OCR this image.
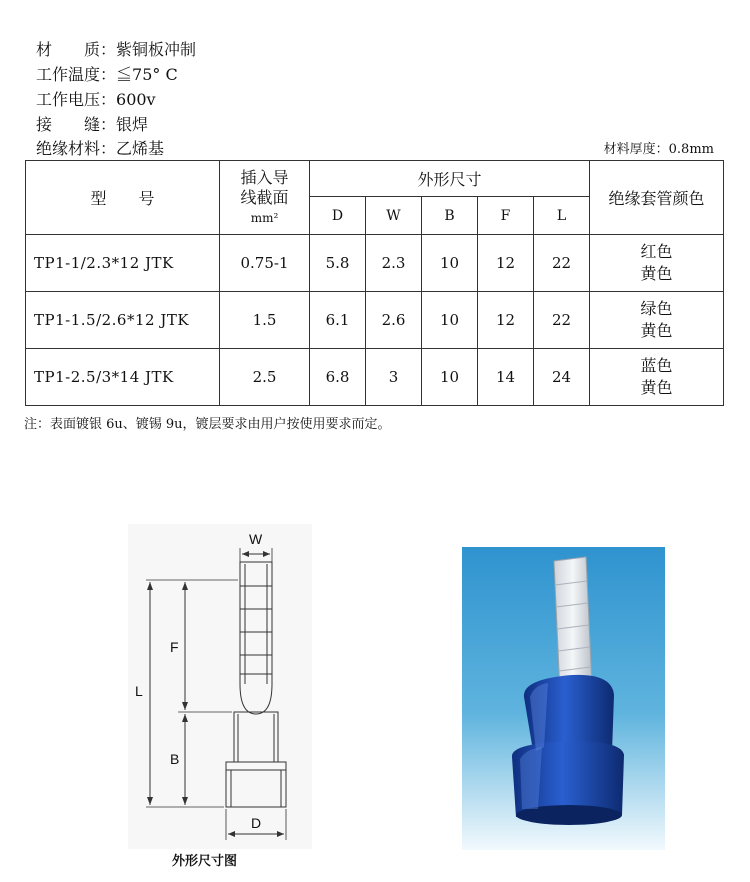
材　　质：紫铜板冲制
工作温度：≦75° C
工作电压：600v
接　　缝：银焊
绝缘材料：乙烯基	材料厚度：0.8mm
型　　号	插入导
线截面
mm²	外形尺寸					绝缘套管颜色
		D	W	B	F	L	
TP1-1/2.3*12 JTK	0.75-1	5.8	2.3	10	12	22	红色
黄色

TP1-1.5/2.6*12 JTK	1.5	6.1	2.6	10	12	22	绿色
黄色

TP1-2.5/3*14 JTK	2.5	6.8	3	10	14	24	蓝色
黄色
注：表面镀银 6u、镀锡 9u，镀层要求由用户按使用要求而定。
W
F
L
B
D
外形尺寸图
